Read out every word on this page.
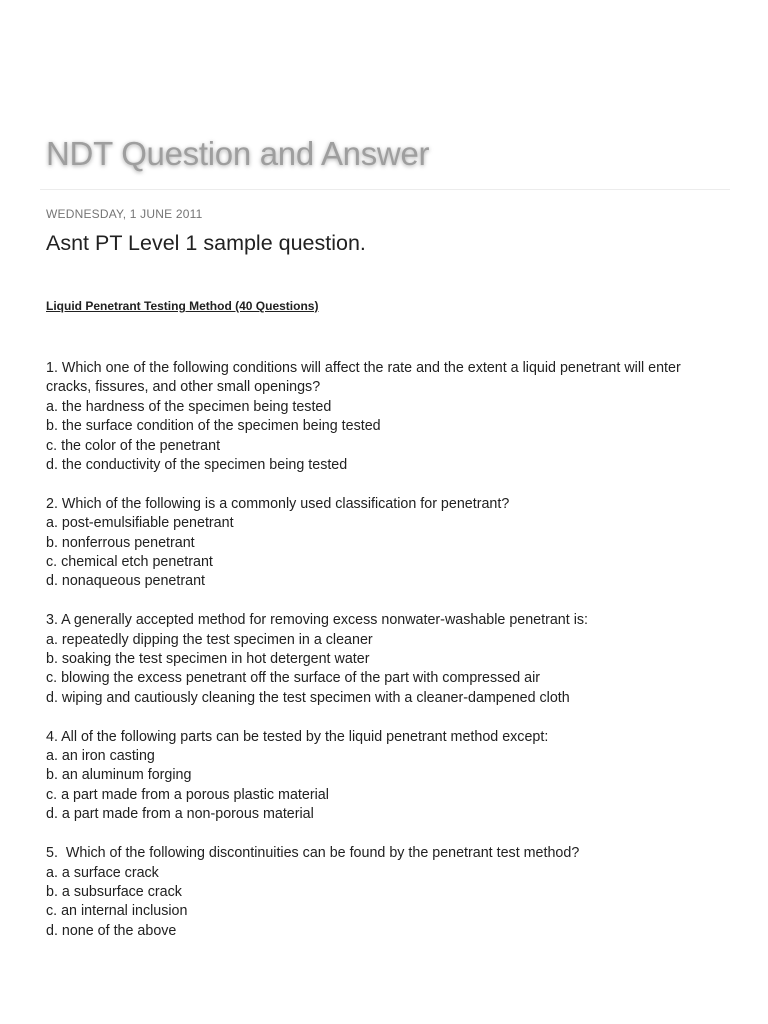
NDT Question and Answer
WEDNESDAY, 1 JUNE 2011
Asnt PT Level 1 sample question.
Liquid Penetrant Testing Method (40 Questions)
1. Which one of the following conditions will affect the rate and the extent a liquid penetrant will enter cracks, fissures, and other small openings?
a. the hardness of the specimen being tested
b. the surface condition of the specimen being tested
c. the color of the penetrant
d. the conductivity of the specimen being tested
2. Which of the following is a commonly used classification for penetrant?
a. post-emulsifiable penetrant
b. nonferrous penetrant
c. chemical etch penetrant
d. nonaqueous penetrant
3. A generally accepted method for removing excess nonwater-washable penetrant is:
a. repeatedly dipping the test specimen in a cleaner
b. soaking the test specimen in hot detergent water
c. blowing the excess penetrant off the surface of the part with compressed air
d. wiping and cautiously cleaning the test specimen with a cleaner-dampened cloth
4. All of the following parts can be tested by the liquid penetrant method except:
a. an iron casting
b. an aluminum forging
c. a part made from a porous plastic material
d. a part made from a non-porous material
5.  Which of the following discontinuities can be found by the penetrant test method?
a. a surface crack
b. a subsurface crack
c. an internal inclusion
d. none of the above
